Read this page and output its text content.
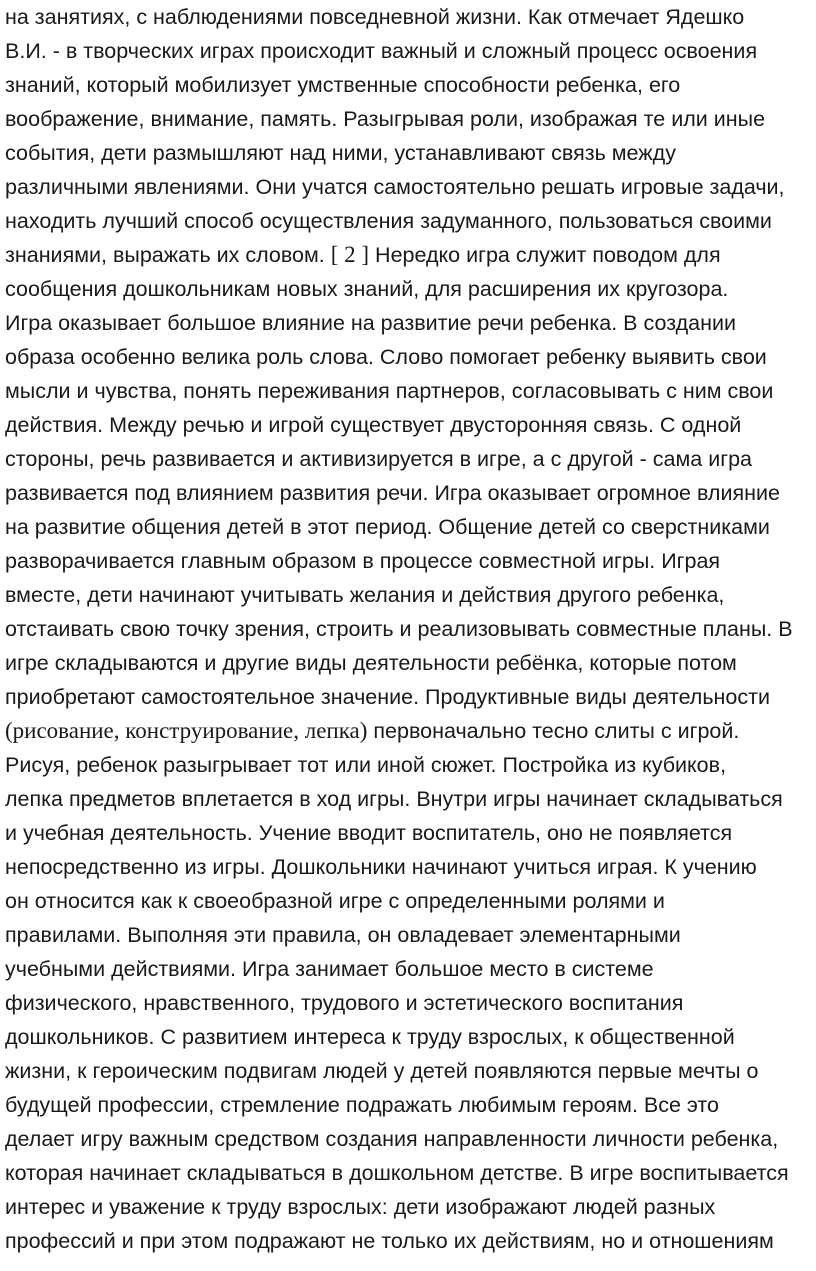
на занятиях, с наблюдениями повседневной жизни. Как отмечает Ядешко
В.И. - в творческих играх происходит важный и сложный процесс освоения
знаний, который мобилизует умственные способности ребенка, его
воображение, внимание, память. Разыгрывая роли, изображая те или иные
события, дети размышляют над ними, устанавливают связь между
различными явлениями. Они учатся самостоятельно решать игровые задачи,
находить лучший способ осуществления задуманного, пользоваться своими
знаниями, выражать их словом. [ 2 ] Нередко игра служит поводом для
сообщения дошкольникам новых знаний, для расширения их кругозора.
Игра оказывает большое влияние на развитие речи ребенка. В создании
образа особенно велика роль слова. Слово помогает ребенку выявить свои
мысли и чувства, понять переживания партнеров, согласовывать с ним свои
действия. Между речью и игрой существует двусторонняя связь. С одной
стороны, речь развивается и активизируется в игре, а с другой - сама игра
развивается под влиянием развития речи. Игра оказывает огромное влияние
на развитие общения детей в этот период. Общение детей со сверстниками
разворачивается главным образом в процессе совместной игры. Играя
вместе, дети начинают учитывать желания и действия другого ребенка,
отстаивать свою точку зрения, строить и реализовывать совместные планы. В
игре складываются и другие виды деятельности ребёнка, которые потом
приобретают самостоятельное значение. Продуктивные виды деятельности
(рисование, конструирование, лепка) первоначально тесно слиты с игрой.
Рисуя, ребенок разыгрывает тот или иной сюжет. Постройка из кубиков,
лепка предметов вплетается в ход игры. Внутри игры начинает складываться
и учебная деятельность. Учение вводит воспитатель, оно не появляется
непосредственно из игры. Дошкольники начинают учиться играя. К учению
он относится как к своеобразной игре с определенными ролями и
правилами. Выполняя эти правила, он овладевает элементарными
учебными действиями. Игра занимает большое место в системе
физического, нравственного, трудового и эстетического воспитания
дошкольников. С развитием интереса к труду взрослых, к общественной
жизни, к героическим подвигам людей у детей появляются первые мечты о
будущей профессии, стремление подражать любимым героям. Все это
делает игру важным средством создания направленности личности ребенка,
которая начинает складываться в дошкольном детстве. В игре воспитывается
интерес и уважение к труду взрослых: дети изображают людей разных
профессий и при этом подражают не только их действиям, но и отношениям
